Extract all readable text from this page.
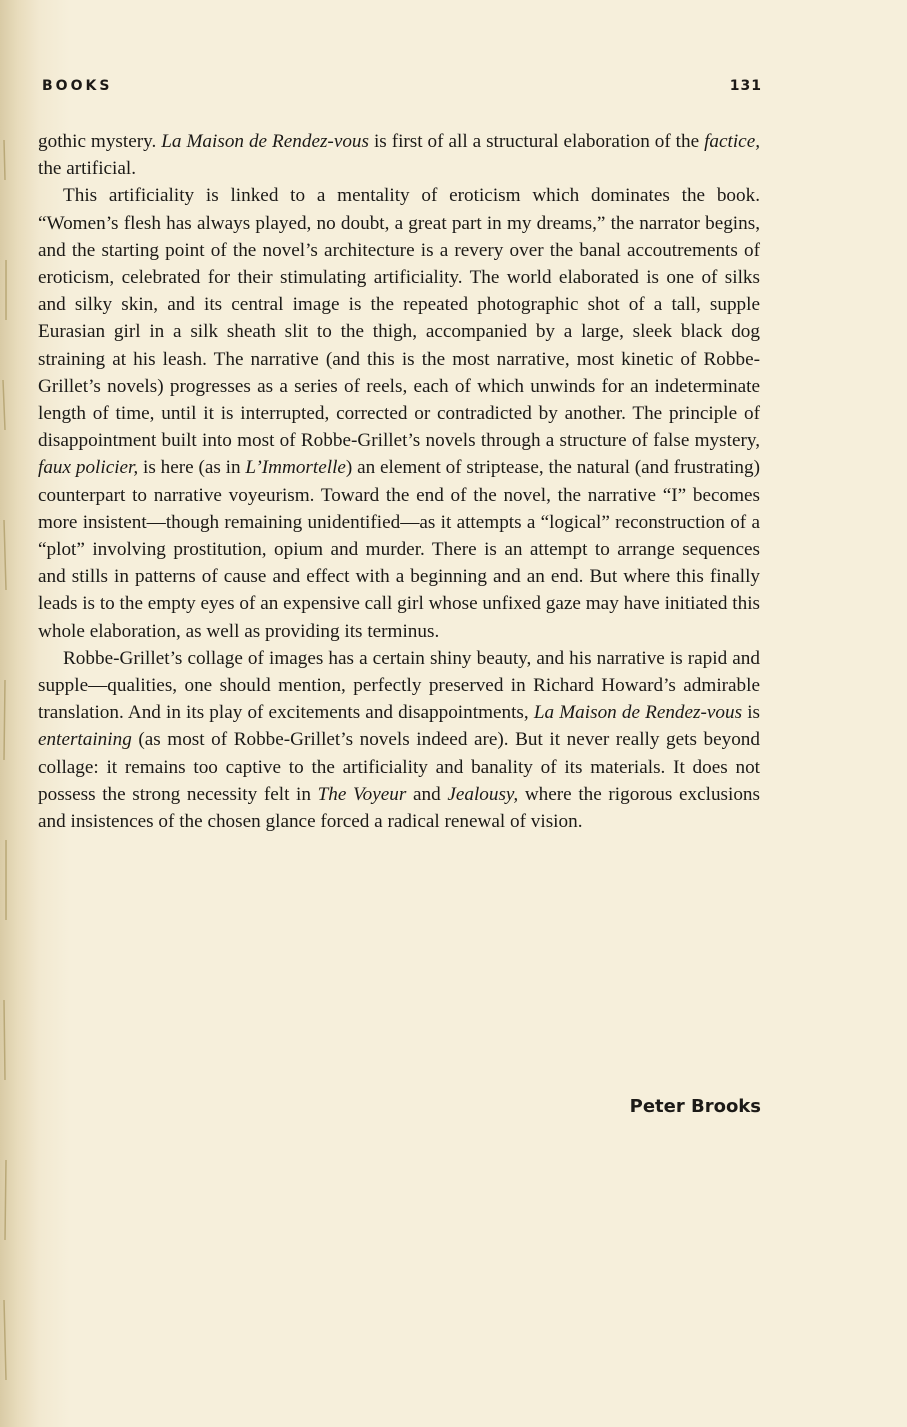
BOOKS	131

gothic mystery. La Maison de Rendez-vous is first of all a structural elaboration of the factice, the artificial.

This artificiality is linked to a mentality of eroticism which dominates the book. “Women’s flesh has always played, no doubt, a great part in my dreams,” the narrator begins, and the starting point of the novel’s architecture is a revery over the banal accoutrements of eroticism, celebrated for their stimulating artificiality. The world elaborated is one of silks and silky skin, and its central image is the repeated photographic shot of a tall, supple Eurasian girl in a silk sheath slit to the thigh, accompanied by a large, sleek black dog straining at his leash. The narrative (and this is the most narrative, most kinetic of Robbe-Grillet’s novels) progresses as a series of reels, each of which unwinds for an indeterminate length of time, until it is interrupted, corrected or contradicted by another. The principle of disappointment built into most of Robbe-Grillet’s novels through a structure of false mystery, faux policier, is here (as in L’Immortelle) an element of striptease, the natural (and frustrating) counterpart to narrative voyeurism. Toward the end of the novel, the narrative “I” becomes more insistent—though remaining unidentified—as it attempts a “logical” reconstruction of a “plot” involving prostitution, opium and murder. There is an attempt to arrange sequences and stills in patterns of cause and effect with a beginning and an end. But where this finally leads is to the empty eyes of an expensive call girl whose unfixed gaze may have initiated this whole elaboration, as well as providing its terminus.

Robbe-Grillet’s collage of images has a certain shiny beauty, and his narrative is rapid and supple—qualities, one should mention, perfectly preserved in Richard Howard’s admirable translation. And in its play of excitements and disappointments, La Maison de Rendez-vous is entertaining (as most of Robbe-Grillet’s novels indeed are). But it never really gets beyond collage: it remains too captive to the artificiality and banality of its materials. It does not possess the strong necessity felt in The Voyeur and Jealousy, where the rigorous exclusions and insistences of the chosen glance forced a radical renewal of vision.

Peter Brooks
